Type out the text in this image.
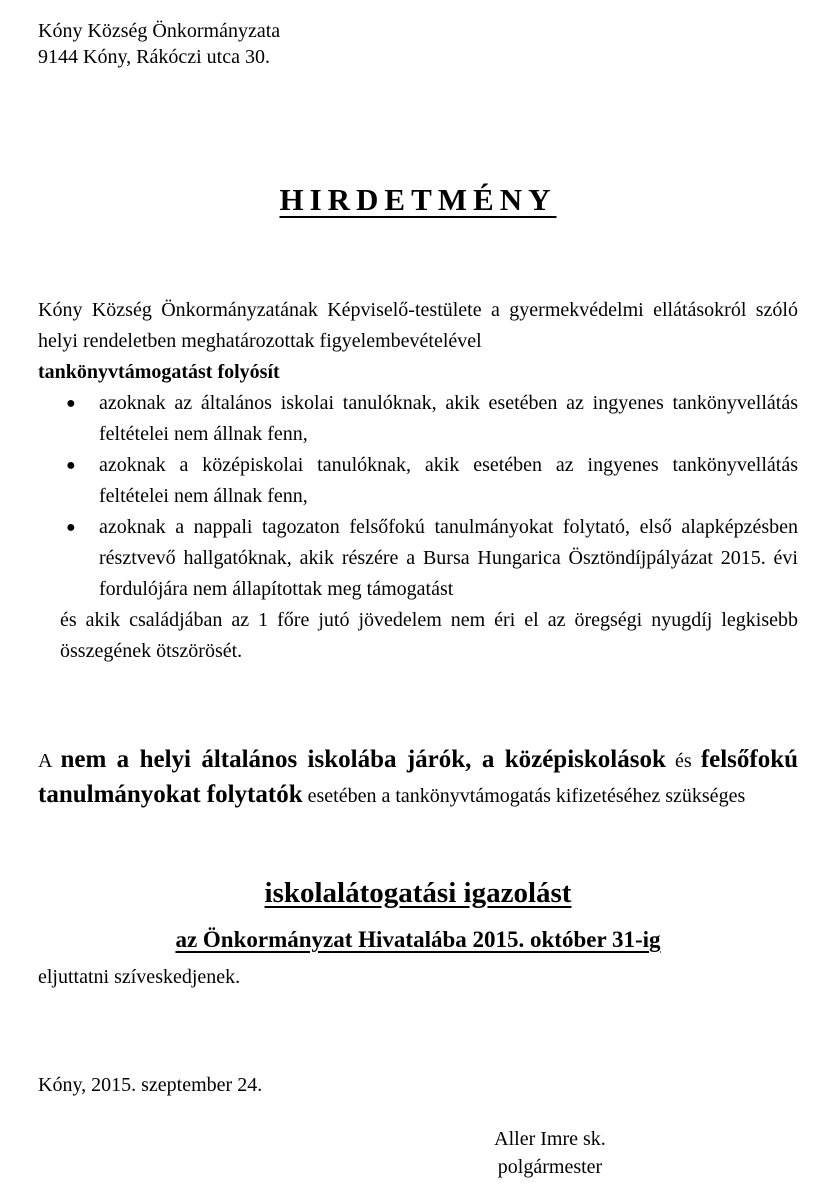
Kóny Község Önkormányzata
9144 Kóny, Rákóczi utca 30.
HIRDETMÉNY

Kóny Község Önkormányzatának Képviselő-testülete a gyermekvédelmi ellátásokról szóló helyi rendeletben meghatározottak figyelembevételével
tankönyvtámogatást folyósít

● azoknak az általános iskolai tanulóknak, akik esetében az ingyenes tankönyvellátás feltételei nem állnak fenn,
● azoknak a középiskolai tanulóknak, akik esetében az ingyenes tankönyvellátás feltételei nem állnak fenn,
● azoknak a nappali tagozaton felsőfokú tanulmányokat folytató, első alapképzésben résztvevő hallgatóknak, akik részére a Bursa Hungarica Ösztöndíjpályázat 2015. évi fordulójára nem állapítottak meg támogatást

és akik családjában az 1 főre jutó jövedelem nem éri el az öregségi nyugdíj legkisebb összegének ötszörösét.

A nem a helyi általános iskolába járók, a középiskolások és felsőfokú tanulmányokat folytatók esetében a tankönyvtámogatás kifizetéséhez szükséges
iskolalátogatási igazolást
az Önkormányzat Hivatalába 2015. október 31-ig
eljuttatni szíveskedjenek.
Kóny, 2015. szeptember 24.
Aller Imre sk.
polgármester
